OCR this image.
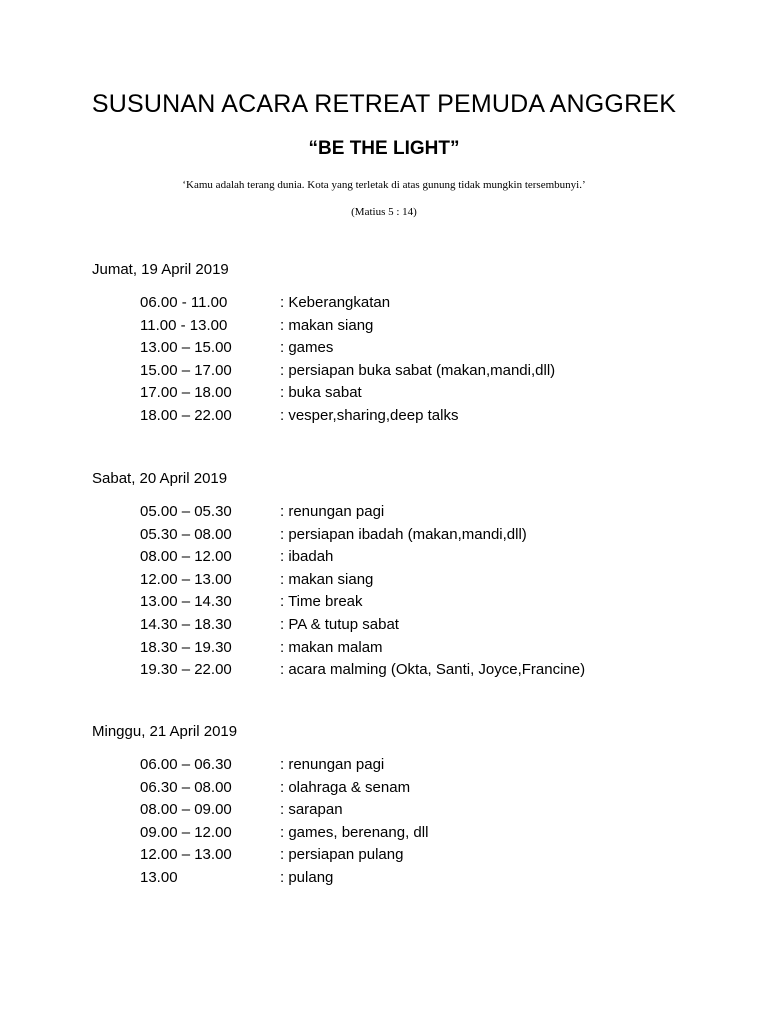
SUSUNAN ACARA RETREAT PEMUDA ANGGREK
“BE THE LIGHT”
‘Kamu adalah terang dunia. Kota yang terletak di atas gunung tidak mungkin tersembunyi.’
(Matius 5 : 14)
Jumat, 19 April 2019
06.00 - 11.00	: Keberangkatan
11.00 - 13.00	: makan siang
13.00 – 15.00	: games
15.00 – 17.00	: persiapan buka sabat (makan,mandi,dll)
17.00 – 18.00	: buka sabat
18.00 – 22.00	: vesper,sharing,deep talks
Sabat, 20 April 2019
05.00 – 05.30	: renungan pagi
05.30 – 08.00	: persiapan ibadah (makan,mandi,dll)
08.00 – 12.00	: ibadah
12.00 – 13.00	: makan siang
13.00 – 14.30	: Time break
14.30 – 18.30	: PA & tutup sabat
18.30 – 19.30	: makan malam
19.30 – 22.00	: acara malming (Okta, Santi, Joyce,Francine)
Minggu, 21 April 2019
06.00 – 06.30	: renungan pagi
06.30 – 08.00	: olahraga & senam
08.00 – 09.00	: sarapan
09.00 – 12.00	: games, berenang, dll
12.00 – 13.00	: persiapan pulang
13.00	: pulang
